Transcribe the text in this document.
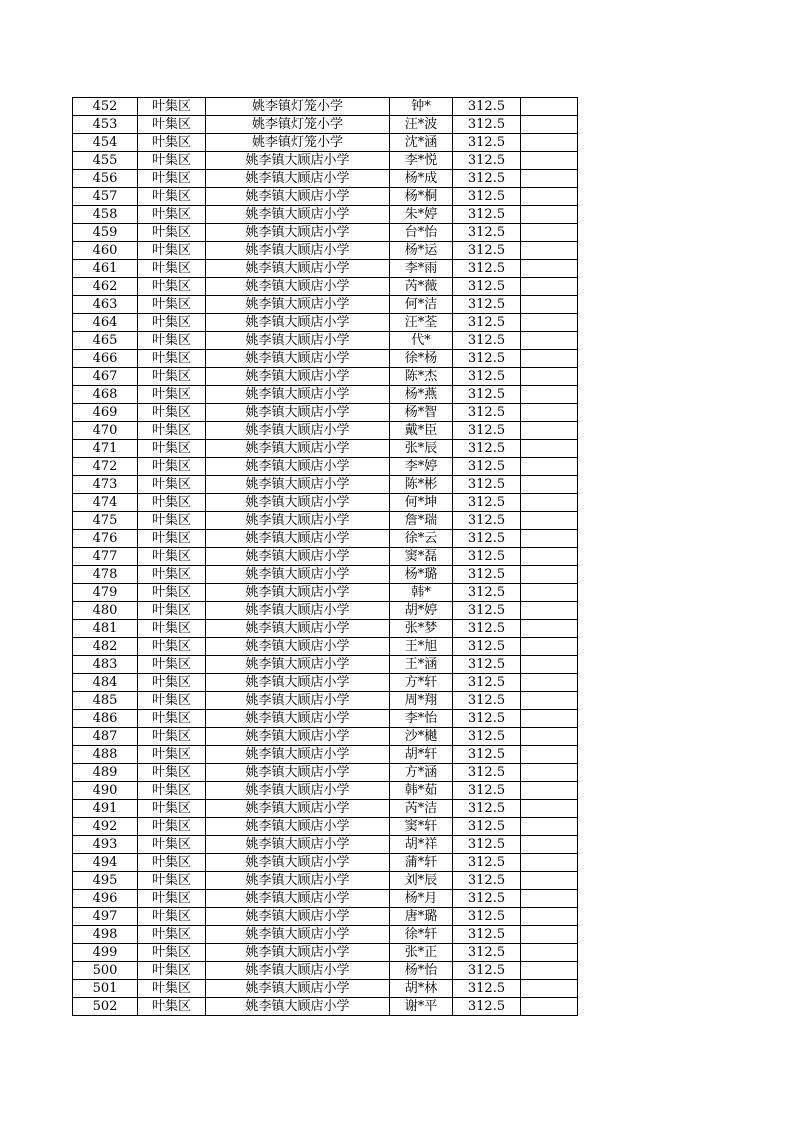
452	叶集区	姚李镇灯笼小学	钟*	312.5	
453	叶集区	姚李镇灯笼小学	汪*波	312.5	
454	叶集区	姚李镇灯笼小学	沈*涵	312.5	
455	叶集区	姚李镇大顾店小学	李*悦	312.5	
456	叶集区	姚李镇大顾店小学	杨*成	312.5	
457	叶集区	姚李镇大顾店小学	杨*桐	312.5	
458	叶集区	姚李镇大顾店小学	朱*婷	312.5	
459	叶集区	姚李镇大顾店小学	台*怡	312.5	
460	叶集区	姚李镇大顾店小学	杨*运	312.5	
461	叶集区	姚李镇大顾店小学	李*雨	312.5	
462	叶集区	姚李镇大顾店小学	芮*薇	312.5	
463	叶集区	姚李镇大顾店小学	何*洁	312.5	
464	叶集区	姚李镇大顾店小学	汪*荃	312.5	
465	叶集区	姚李镇大顾店小学	代*	312.5	
466	叶集区	姚李镇大顾店小学	徐*杨	312.5	
467	叶集区	姚李镇大顾店小学	陈*杰	312.5	
468	叶集区	姚李镇大顾店小学	杨*燕	312.5	
469	叶集区	姚李镇大顾店小学	杨*智	312.5	
470	叶集区	姚李镇大顾店小学	戴*臣	312.5	
471	叶集区	姚李镇大顾店小学	张*辰	312.5	
472	叶集区	姚李镇大顾店小学	李*婷	312.5	
473	叶集区	姚李镇大顾店小学	陈*彬	312.5	
474	叶集区	姚李镇大顾店小学	何*坤	312.5	
475	叶集区	姚李镇大顾店小学	詹*瑞	312.5	
476	叶集区	姚李镇大顾店小学	徐*云	312.5	
477	叶集区	姚李镇大顾店小学	窦*磊	312.5	
478	叶集区	姚李镇大顾店小学	杨*璐	312.5	
479	叶集区	姚李镇大顾店小学	韩*	312.5	
480	叶集区	姚李镇大顾店小学	胡*婷	312.5	
481	叶集区	姚李镇大顾店小学	张*梦	312.5	
482	叶集区	姚李镇大顾店小学	王*旭	312.5	
483	叶集区	姚李镇大顾店小学	王*涵	312.5	
484	叶集区	姚李镇大顾店小学	方*轩	312.5	
485	叶集区	姚李镇大顾店小学	周*翔	312.5	
486	叶集区	姚李镇大顾店小学	李*怡	312.5	
487	叶集区	姚李镇大顾店小学	沙*樾	312.5	
488	叶集区	姚李镇大顾店小学	胡*轩	312.5	
489	叶集区	姚李镇大顾店小学	方*涵	312.5	
490	叶集区	姚李镇大顾店小学	韩*茹	312.5	
491	叶集区	姚李镇大顾店小学	芮*洁	312.5	
492	叶集区	姚李镇大顾店小学	窦*轩	312.5	
493	叶集区	姚李镇大顾店小学	胡*祥	312.5	
494	叶集区	姚李镇大顾店小学	蒲*轩	312.5	
495	叶集区	姚李镇大顾店小学	刘*辰	312.5	
496	叶集区	姚李镇大顾店小学	杨*月	312.5	
497	叶集区	姚李镇大顾店小学	唐*璐	312.5	
498	叶集区	姚李镇大顾店小学	徐*轩	312.5	
499	叶集区	姚李镇大顾店小学	张*正	312.5	
500	叶集区	姚李镇大顾店小学	杨*怡	312.5	
501	叶集区	姚李镇大顾店小学	胡*林	312.5	
502	叶集区	姚李镇大顾店小学	谢*平	312.5	
